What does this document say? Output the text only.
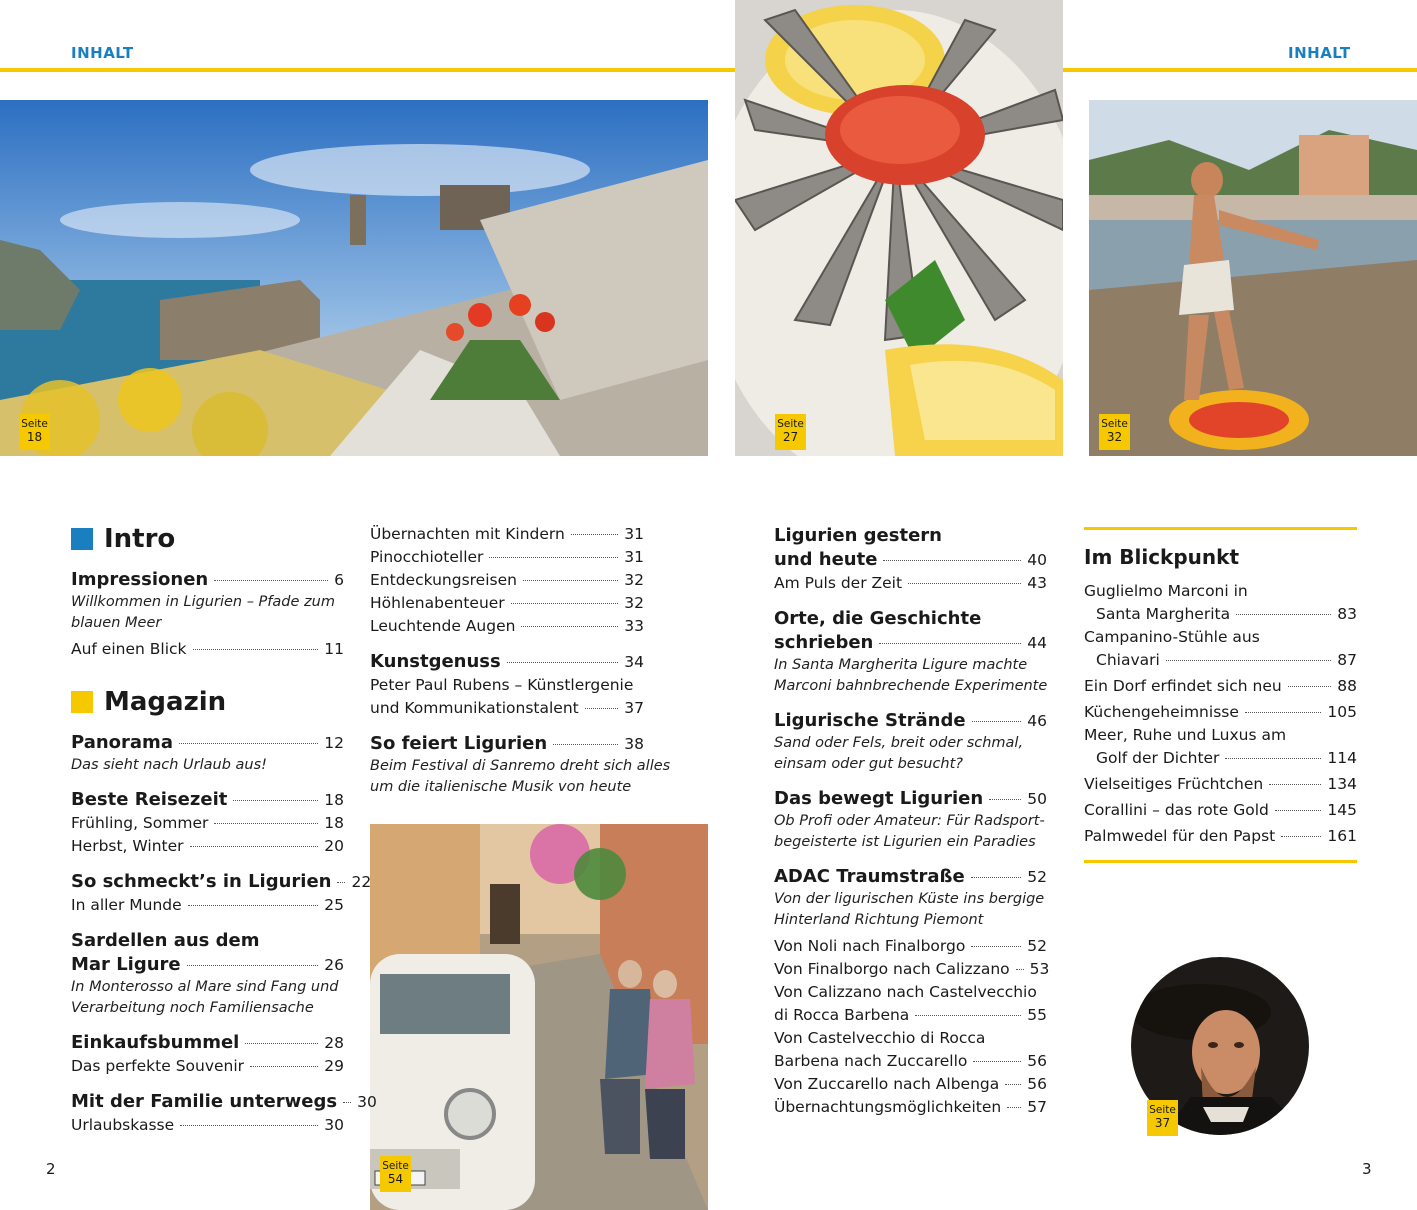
INHALT	INHALT
Seite
18
Seite
27
Seite
32
Seite
54
Seite
37
Intro
Impressionen	6
Willkommen in Ligurien – Pfade zum
blauen Meer
Auf einen Blick	11
Magazin
Panorama	12
Das sieht nach Urlaub aus!
Beste Reisezeit	18
Frühling, Sommer	18
Herbst, Winter	20
So schmeckt’s in Ligurien 22
In aller Munde	25
Sardellen aus dem
Mar Ligure	26
In Monterosso al Mare sind Fang und
Verarbeitung noch Familiensache
Einkaufsbummel	28
Das perfekte Souvenir	29
Mit der Familie unterwegs 30
Urlaubskasse	30
Übernachten mit Kindern	31
Pinocchioteller	31
Entdeckungsreisen	32
Höhlenabenteuer	32
Leuchtende Augen	33
Kunstgenuss	34
Peter Paul Rubens – Künstlergenie
und Kommunikationstalent	37
So feiert Ligurien	38
Beim Festival di Sanremo dreht sich alles
um die italienische Musik von heute
Ligurien gestern
und heute	40
Am Puls der Zeit	43
Orte, die Geschichte
schrieben	44
In Santa Margherita Ligure machte
Marconi bahnbrechende Experimente
Ligurische Strände	46
Sand oder Fels, breit oder schmal,
einsam oder gut besucht?
Das bewegt Ligurien	50
Ob Profi oder Amateur: Für Radsport-
begeisterte ist Ligurien ein Paradies
ADAC Traumstraße	52
Von der ligurischen Küste ins bergige
Hinterland Richtung Piemont
Von Noli nach Finalborgo	52
Von Finalborgo nach Calizzano 53
Von Calizzano nach Castelvecchio
di Rocca Barbena	55
Von Castelvecchio di Rocca
Barbena nach Zuccarello	56
Von Zuccarello nach Albenga 56
Übernachtungsmöglichkeiten 57
Im Blickpunkt
Guglielmo Marconi in
Santa Margherita	83
Campanino-Stühle aus
Chiavari	87
Ein Dorf erfindet sich neu	88
Küchengeheimnisse	105
Meer, Ruhe und Luxus am
Golf der Dichter	114
Vielseitiges Früchtchen	134
Corallini – das rote Gold	145
Palmwedel für den Papst	161
2	3
